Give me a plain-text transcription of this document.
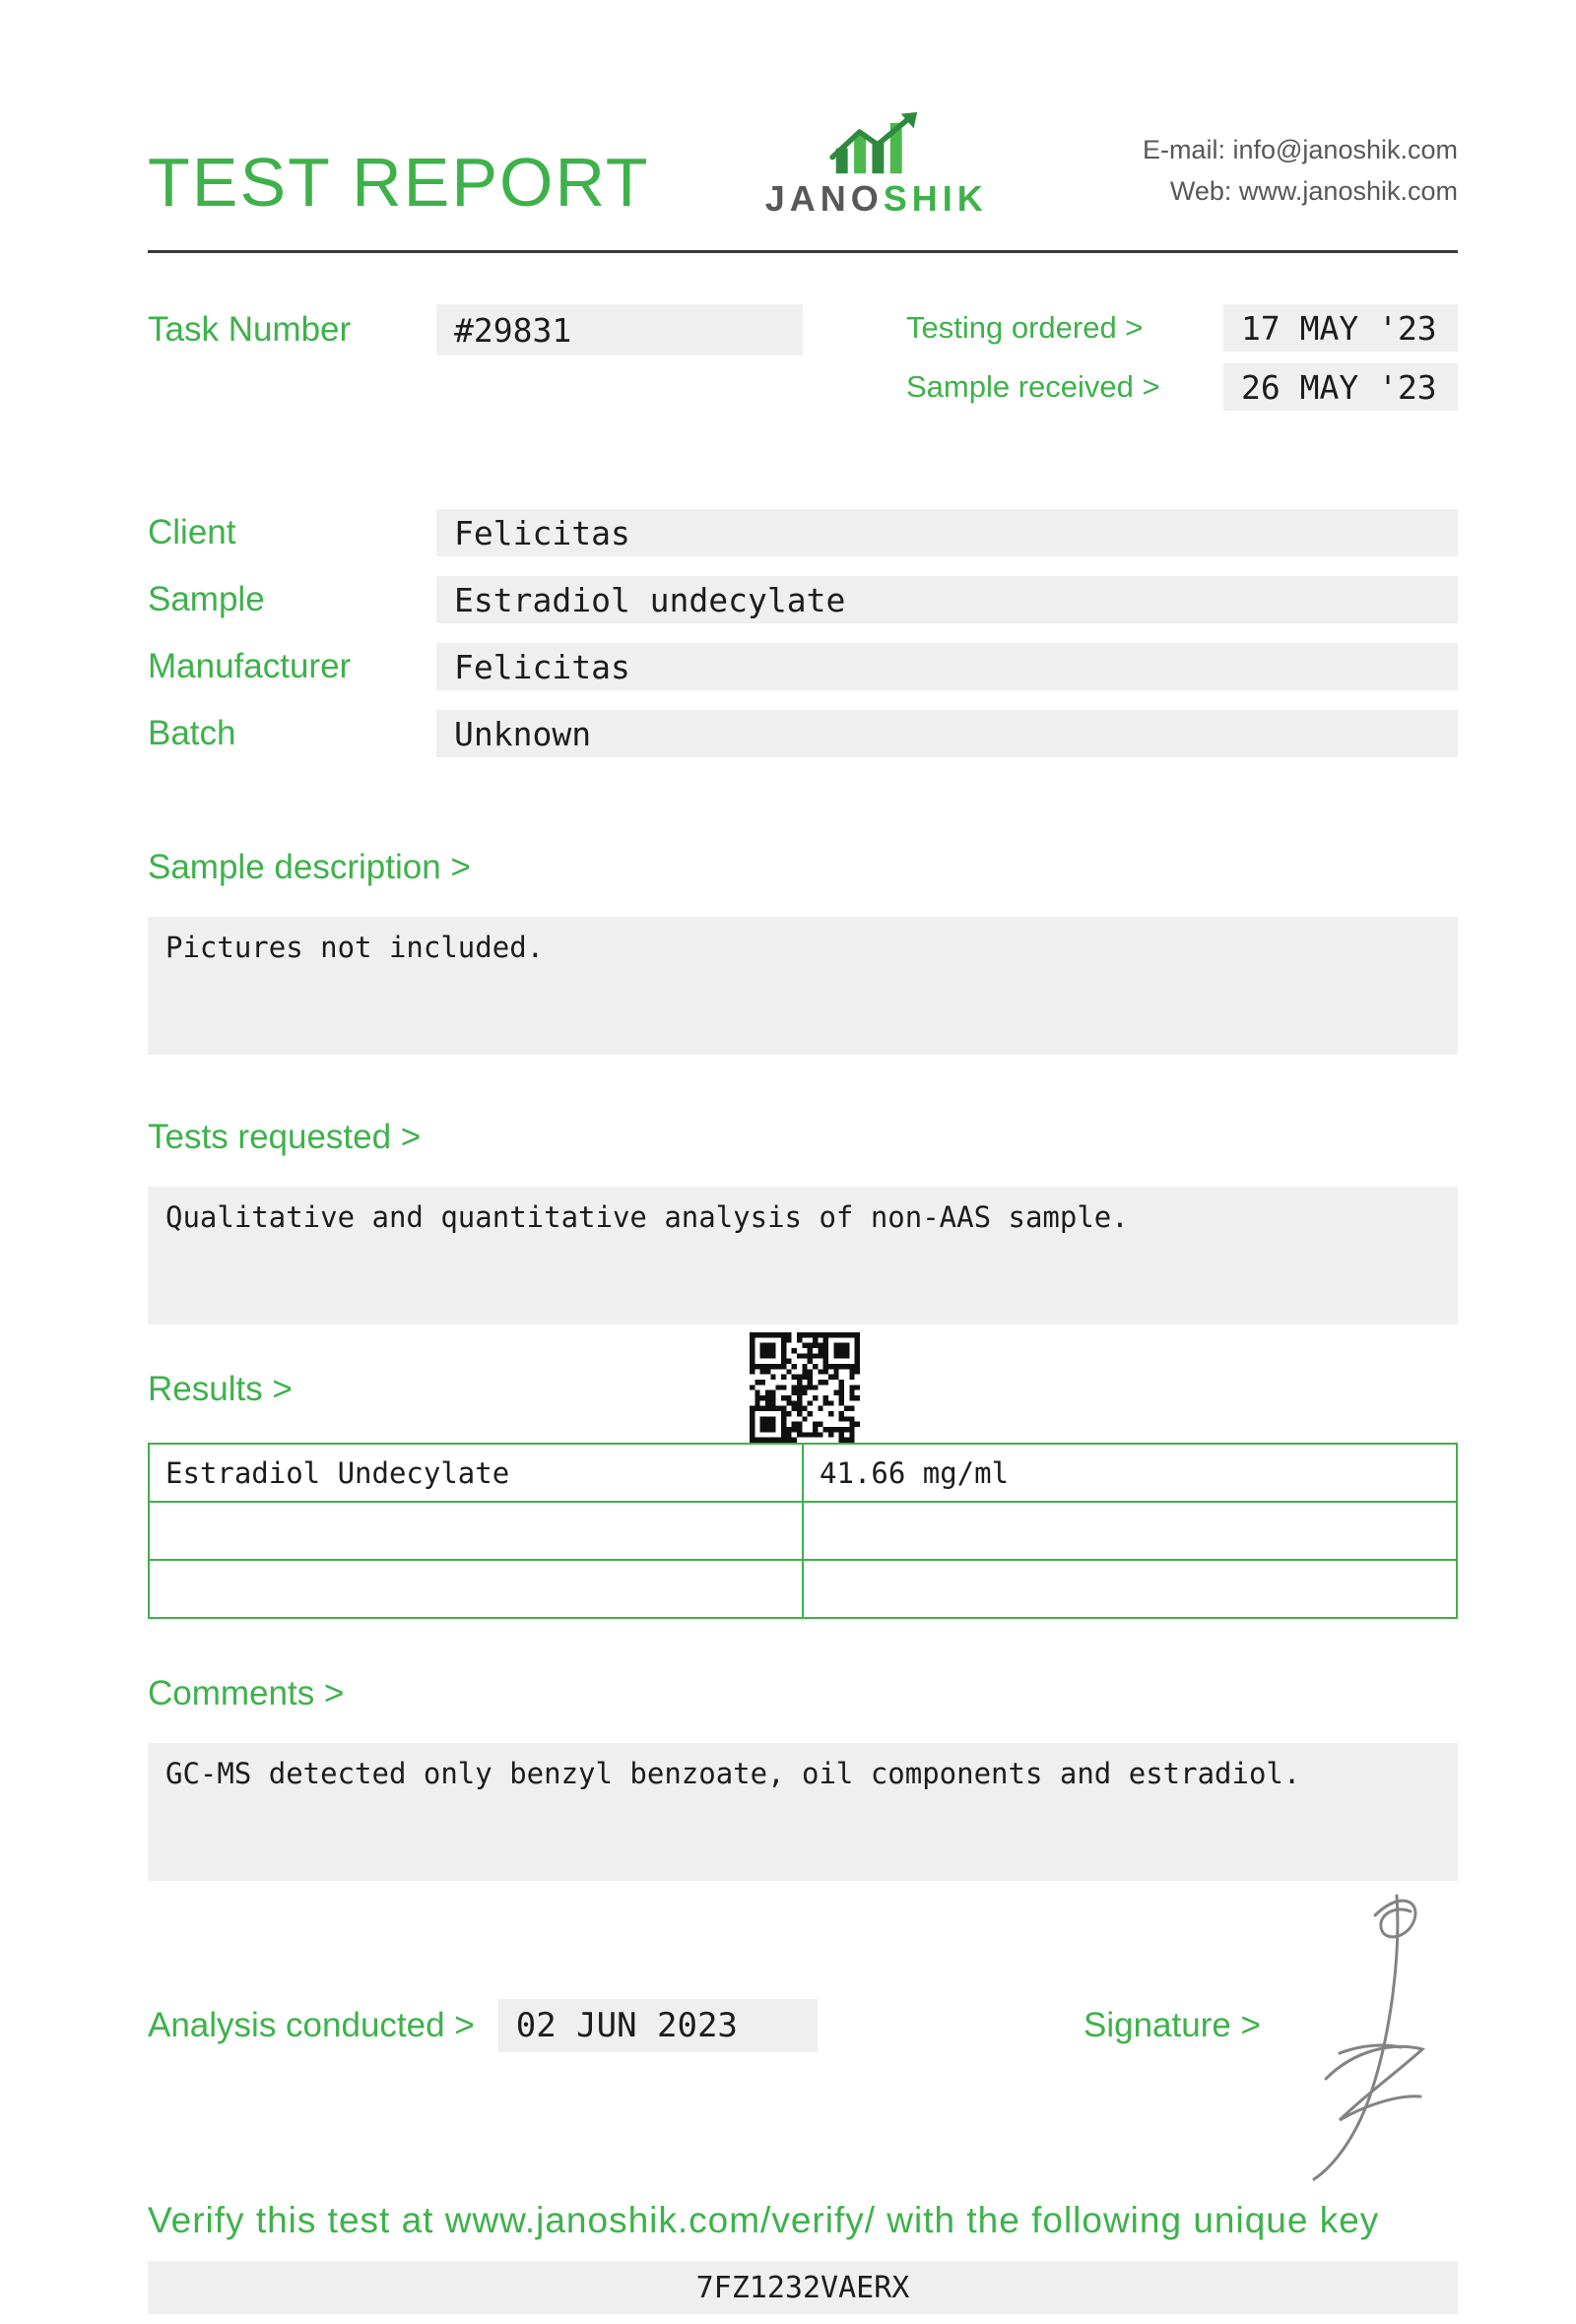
TEST REPORT	JANOSHIK
E-mail: info@janoshik.com
Web: www.janoshik.com
Task Number	#29831	Testing ordered >	17 MAY '23
Sample received >	26 MAY '23
Client	Felicitas
Sample	Estradiol undecylate
Manufacturer	Felicitas
Batch	Unknown
Sample description >
Pictures not included.
Tests requested >
Qualitative and quantitative analysis of non-AAS sample.
Results >
Estradiol Undecylate	41.66 mg/ml

Comments >
GC-MS detected only benzyl benzoate, oil components and estradiol.
Analysis conducted >	02 JUN 2023	Signature >
Verify this test at www.janoshik.com/verify/ with the following unique key
7FZ1232VAERX
